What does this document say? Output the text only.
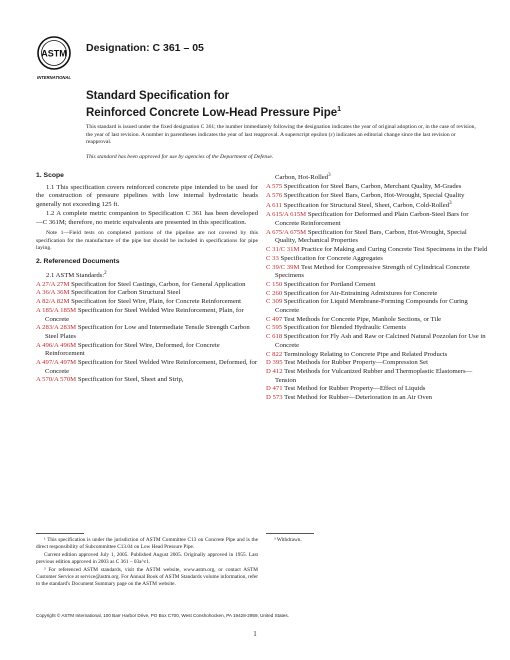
ASTM
INTERNATIONAL
Designation: C 361 – 05
Standard Specification for
Reinforced Concrete Low-Head Pressure Pipe$^1$

This standard is issued under the fixed designation C 361; the number immediately following the designation indicates the year of original adoption or, in the case of revision, the year of last revision. A number in parentheses indicates the year of last reapproval. A superscript epsilon (ε) indicates an editorial change since the last revision or reapproval.

This standard has been approved for use by agencies of the Department of Defense.

1. Scope

1.1 This specification covers reinforced concrete pipe intended to be used for the construction of pressure pipelines with low internal hydrostatic heads generally not exceeding 125 ft.

1.2 A complete metric companion to Specification C 361 has been developed—C 361M; therefore, no metric equivalents are presented in this specification.

Note 1—Field tests on completed portions of the pipeline are not covered by this specification for the manufacture of the pipe but should be included in specifications for pipe laying.

2. Referenced Documents

2.1 ASTM Standards:$^2$

A 27/A 27M Specification for Steel Castings, Carbon, for General Application

A 36/A 36M Specification for Carbon Structural Steel

A 82/A 82M Specification for Steel Wire, Plain, for Concrete Reinforcement

A 185/A 185M Specification for Steel Welded Wire Reinforcement, Plain, for Concrete

A 283/A 283M Specification for Low and Intermediate Tensile Strength Carbon Steel Plates

A 496/A 496M Specification for Steel Wire, Deformed, for Concrete Reinforcement

A 497/A 497M Specification for Steel Welded Wire Reinforcement, Deformed, for Concrete

A 570/A 570M Specification for Steel, Sheet and Strip,

Carbon, Hot-Rolled$^3$

A 575 Specification for Steel Bars, Carbon, Merchant Quality, M-Grades

A 576 Specification for Steel Bars, Carbon, Hot-Wrought, Special Quality

A 611 Specification for Structural Steel, Sheet, Carbon, Cold-Rolled$^3$

A 615/A 615M Specification for Deformed and Plain Carbon-Steel Bars for Concrete Reinforcement

A 675/A 675M Specification for Steel Bars, Carbon, Hot-Wrought, Special Quality, Mechanical Properties

C 31/C 31M Practice for Making and Curing Concrete Test Specimens in the Field

C 33 Specification for Concrete Aggregates

C 39/C 39M Test Method for Compressive Strength of Cylindrical Concrete Specimens

C 150 Specification for Portland Cement

C 260 Specification for Air-Entraining Admixtures for Concrete

C 309 Specification for Liquid Membrane-Forming Compounds for Curing Concrete

C 497 Test Methods for Concrete Pipe, Manhole Sections, or Tile

C 595 Specification for Blended Hydraulic Cements

C 618 Specification for Fly Ash and Raw or Calcined Natural Pozzolan for Use in Concrete

C 822 Terminology Relating to Concrete Pipe and Related Products

D 395 Test Methods for Rubber Property—Compression Set

D 412 Test Methods for Vulcanized Rubber and Thermoplastic Elastomers—Tension

D 471 Test Method for Rubber Property—Effect of Liquids

D 573 Test Method for Rubber—Deterioration in an Air Oven

¹ This specification is under the jurisdiction of ASTM Committee C13 on Concrete Pipe and is the direct responsibility of Subcommittee C13.04 on Low Head Pressure Pipe.

Current edition approved July 1, 2005. Published August 2005. Originally approved in 1955. Last previous edition approved in 2003 as C 361 – 03a^ε1.

² For referenced ASTM standards, visit the ASTM website, www.astm.org, or contact ASTM Customer Service at service@astm.org. For Annual Book of ASTM Standards volume information, refer to the standard's Document Summary page on the ASTM website.

³ Withdrawn.

Copyright © ASTM International, 100 Barr Harbor Drive, PO Box C700, West Conshohocken, PA 19428-2959, United States.
1
